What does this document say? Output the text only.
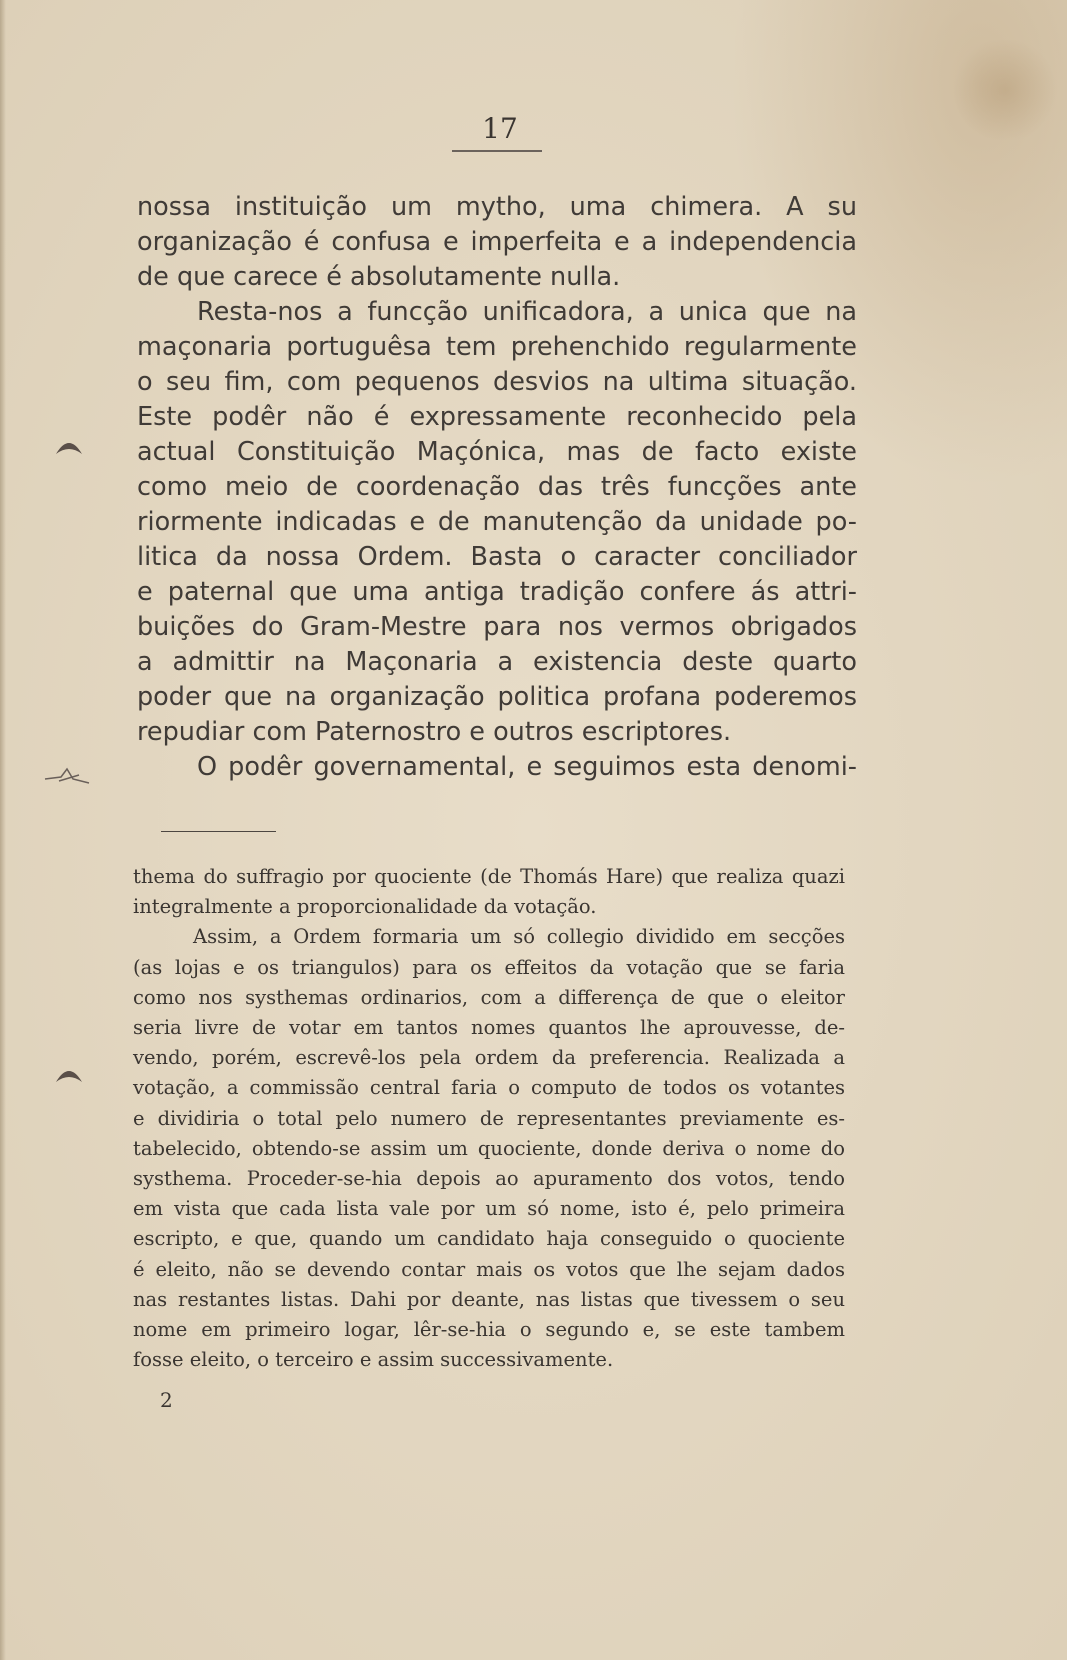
17
nossa instituição um mytho, uma chimera. A su
organização é confusa e imperfeita e a independencia
de que carece é absolutamente nulla.
Resta-nos a funcção unificadora, a unica que na
maçonaria portuguêsa tem prehenchido regularmente
o seu fim, com pequenos desvios na ultima situação.
Este podêr não é expressamente reconhecido pela
actual Constituição Maçónica, mas de facto existe
como meio de coordenação das três funcções ante
riormente indicadas e de manutenção da unidade po-
litica da nossa Ordem. Basta o caracter conciliador
e paternal que uma antiga tradição confere ás attri-
buições do Gram-Mestre para nos vermos obrigados
a admittir na Maçonaria a existencia deste quarto
poder que na organização politica profana poderemos
repudiar com Paternostro e outros escriptores.
O podêr governamental, e seguimos esta denomi-
thema do suffragio por quociente (de Thomás Hare) que realiza quazi
integralmente a proporcionalidade da votação.
Assim, a Ordem formaria um só collegio dividido em secções
(as lojas e os triangulos) para os effeitos da votação que se faria
como nos systhemas ordinarios, com a differença de que o eleitor
seria livre de votar em tantos nomes quantos lhe aprouvesse, de-
vendo, porém, escrevê-los pela ordem da preferencia. Realizada a
votação, a commissão central faria o computo de todos os votantes
e dividiria o total pelo numero de representantes previamente es-
tabelecido, obtendo-se assim um quociente, donde deriva o nome do
systhema. Proceder-se-hia depois ao apuramento dos votos, tendo
em vista que cada lista vale por um só nome, isto é, pelo primeira
escripto, e que, quando um candidato haja conseguido o quociente
é eleito, não se devendo contar mais os votos que lhe sejam dados
nas restantes listas. Dahi por deante, nas listas que tivessem o seu
nome em primeiro logar, lêr-se-hia o segundo e, se este tambem
fosse eleito, o terceiro e assim successivamente.
2
